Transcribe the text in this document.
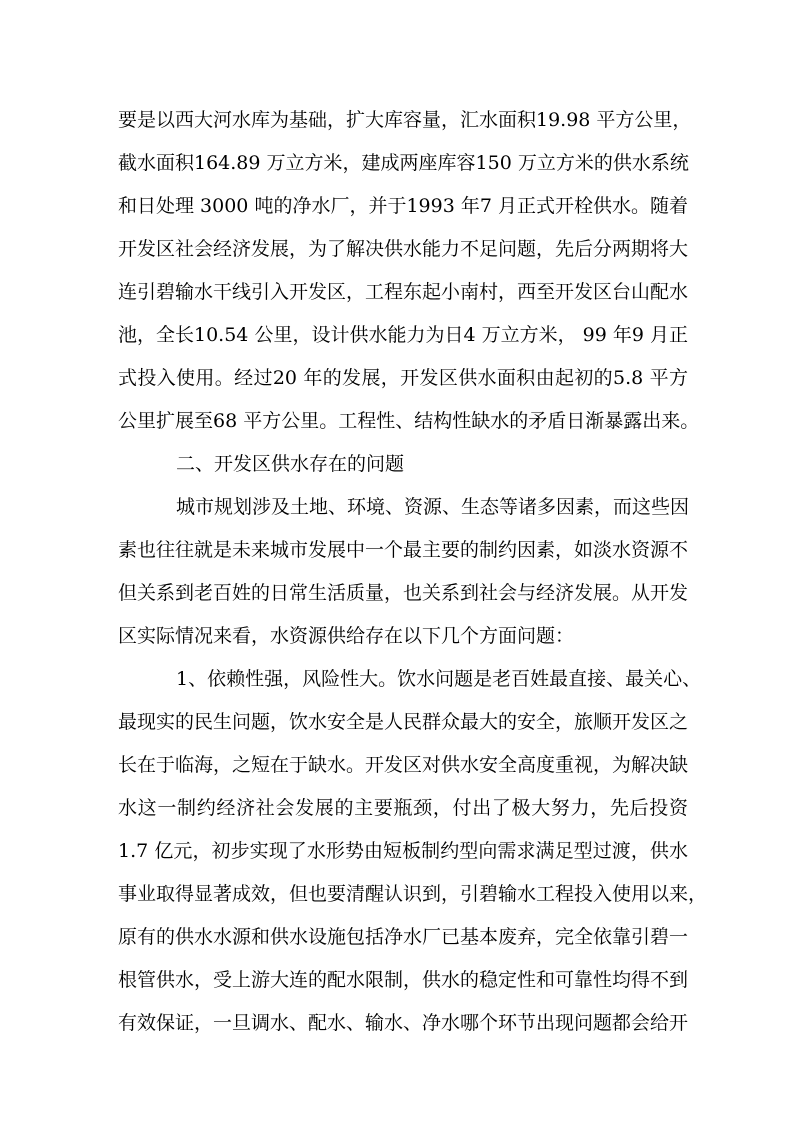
要是以西大河水库为基础，扩大库容量，汇水面积19.98 平方公里，
截水面积164.89 万立方米，建成两座库容150 万立方米的供水系统
和日处理 3000 吨的净水厂，并于1993 年7 月正式开栓供水。随着
开发区社会经济发展，为了解决供水能力不足问题，先后分两期将大
连引碧输水干线引入开发区，工程东起小南村，西至开发区台山配水
池，全长10.54 公里，设计供水能力为日4 万立方米， 99 年9 月正
式投入使用。经过20 年的发展，开发区供水面积由起初的5.8 平方
公里扩展至68 平方公里。工程性、结构性缺水的矛盾日渐暴露出来。
二、开发区供水存在的问题
城市规划涉及土地、环境、资源、生态等诸多因素，而这些因
素也往往就是未来城市发展中一个最主要的制约因素，如淡水资源不
但关系到老百姓的日常生活质量，也关系到社会与经济发展。从开发
区实际情况来看，水资源供给存在以下几个方面问题：
1、依赖性强，风险性大。饮水问题是老百姓最直接、最关心、
最现实的民生问题，饮水安全是人民群众最大的安全，旅顺开发区之
长在于临海，之短在于缺水。开发区对供水安全高度重视，为解决缺
水这一制约经济社会发展的主要瓶颈，付出了极大努力，先后投资
1.7 亿元，初步实现了水形势由短板制约型向需求满足型过渡，供水
事业取得显著成效，但也要清醒认识到，引碧输水工程投入使用以来，
原有的供水水源和供水设施包括净水厂已基本废弃，完全依靠引碧一
根管供水，受上游大连的配水限制，供水的稳定性和可靠性均得不到
有效保证，一旦调水、配水、输水、净水哪个环节出现问题都会给开
